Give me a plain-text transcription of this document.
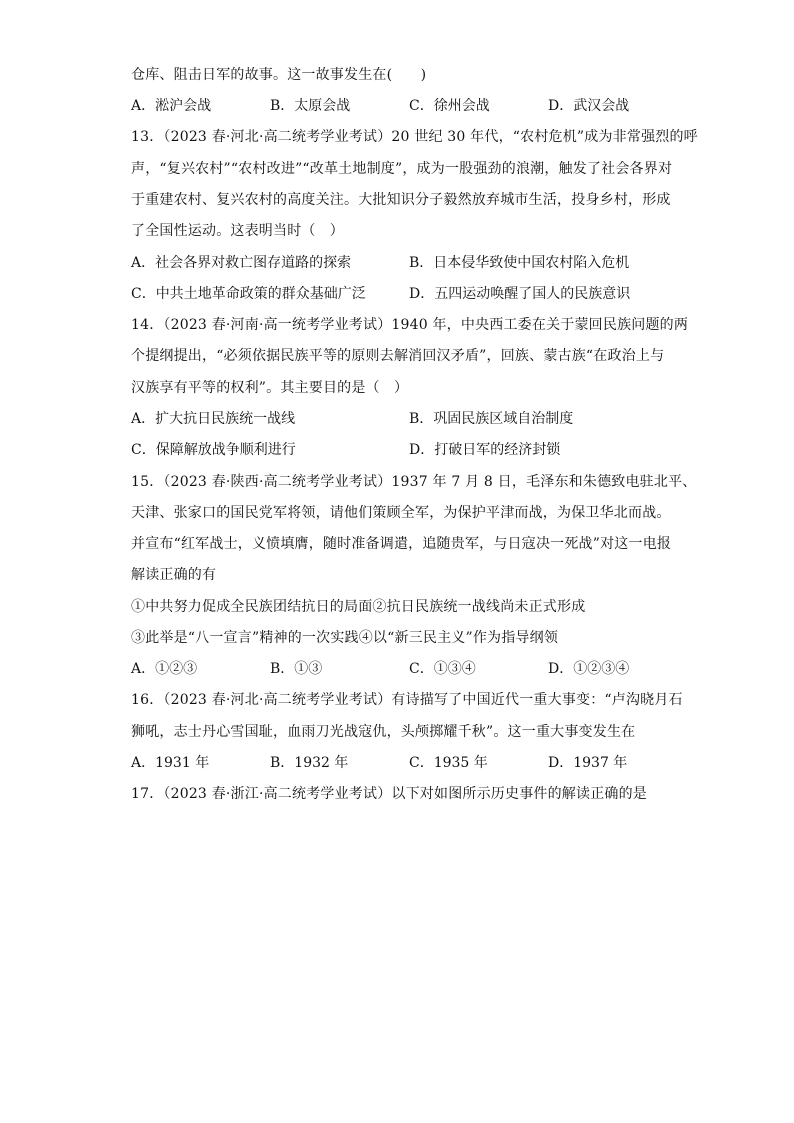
仓库、阻击日军的故事。这一故事发生在(　　)
A．淞沪会战	B．太原会战	C．徐州会战	D．武汉会战
13．（2023 春·河北·高二统考学业考试）20 世纪 30 年代，“农村危机”成为非常强烈的呼
声，“复兴农村”“农村改进”“改革土地制度”，成为一股强劲的浪潮，触发了社会各界对
于重建农村、复兴农村的高度关注。大批知识分子毅然放弃城市生活，投身乡村，形成
了全国性运动。这表明当时（　）
A．社会各界对救亡图存道路的探索	B．日本侵华致使中国农村陷入危机
C．中共土地革命政策的群众基础广泛	D．五四运动唤醒了国人的民族意识
14．（2023 春·河南·高一统考学业考试）1940 年，中央西工委在关于蒙回民族问题的两
个提纲提出，“必须依据民族平等的原则去解消回汉矛盾”，回族、蒙古族“在政治上与
汉族享有平等的权利”。其主要目的是（　）
A．扩大抗日民族统一战线	B．巩固民族区域自治制度
C．保障解放战争顺利进行	D．打破日军的经济封锁
15．（2023 春·陕西·高二统考学业考试）1937 年 7 月 8 日，毛泽东和朱德致电驻北平、
天津、张家口的国民党军将领，请他们策顾全军，为保护平津而战，为保卫华北而战。
并宣布“红军战士，义愤填膺，随时准备调遣，追随贵军，与日寇决一死战”对这一电报
解读正确的有
①中共努力促成全民族团结抗日的局面②抗日民族统一战线尚未正式形成
③此举是“八一宣言”精神的一次实践④以“新三民主义”作为指导纲领
A．①②③	B．①③	C．①③④	D．①②③④
16．（2023 春·河北·高二统考学业考试）有诗描写了中国近代一重大事变：“卢沟晓月石
狮吼，志士丹心雪国耻，血雨刀光战寇仇，头颅掷耀千秋”。这一重大事变发生在
A．1931 年	B．1932 年	C．1935 年	D．1937 年
17．（2023 春·浙江·高二统考学业考试）以下对如图所示历史事件的解读正确的是
